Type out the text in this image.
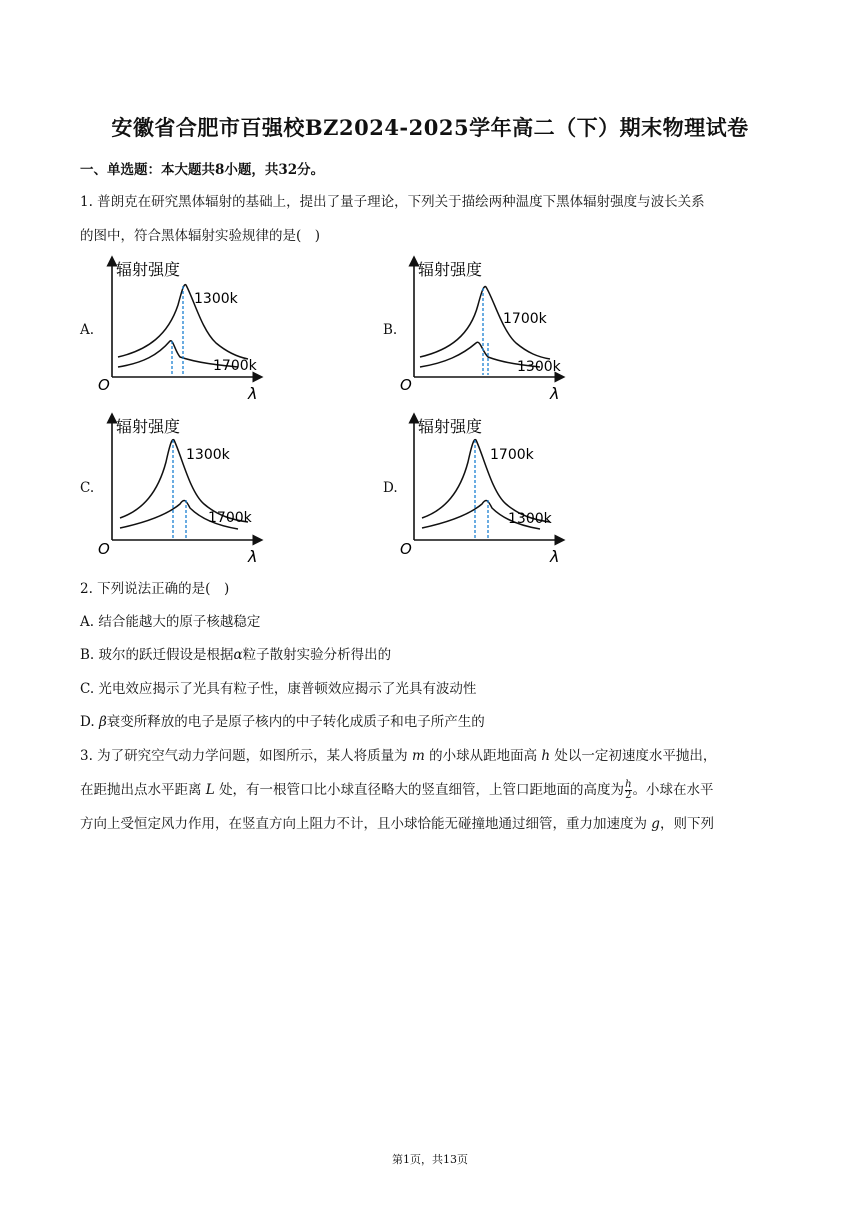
安徽省合肥市百强校BZ2024-2025学年高二（下）期末物理试卷
一、单选题：本大题共8小题，共32分。
1. 普朗克在研究黑体辐射的基础上，提出了量子理论，下列关于描绘两种温度下黑体辐射强度与波长关系
的图中，符合黑体辐射实验规律的是(　)
A.
辐射强度
O	λ
1300k
1700k
B.
辐射强度
O	λ
1700k
1300k
C.
辐射强度
O	λ
1300k
1700k
D.
辐射强度
O	λ
1700k
1300k
2. 下列说法正确的是(　)
A. 结合能越大的原子核越稳定
B. 玻尔的跃迁假设是根据α粒子散射实验分析得出的
C. 光电效应揭示了光具有粒子性，康普顿效应揭示了光具有波动性
D. β衰变所释放的电子是原子核内的中子转化成质子和电子所产生的
3. 为了研究空气动力学问题，如图所示，某人将质量为 m 的小球从距地面高 h 处以一定初速度水平抛出，
在距抛出点水平距离 L 处，有一根管口比小球直径略大的竖直细管，上管口距地面的高度为 $\frac{h}{2}$ 。小球在水平
方向上受恒定风力作用，在竖直方向上阻力不计，且小球恰能无碰撞地通过细管，重力加速度为 g，则下列
第1页，共13页
